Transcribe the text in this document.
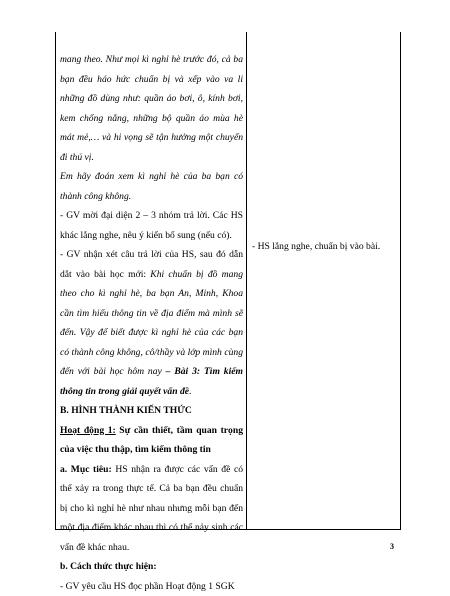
mang theo. Như mọi kì nghỉ hè trước đó, cả ba bạn đều háo hức chuẩn bị và xếp vào va li những đồ dùng như: quần áo bơi, ô, kính bơi, kem chống nắng, những bộ quần áo mùa hè mát mẻ,… và hi vọng sẽ tận hưởng một chuyến đi thú vị.

Em hãy đoán xem kì nghỉ hè của ba bạn có thành công không.

- GV mời đại diện 2 – 3 nhóm trả lời. Các HS khác lắng nghe, nêu ý kiến bổ sung (nếu có).

- GV nhận xét câu trả lời của HS, sau đó dẫn dắt vào bài học mới: Khi chuẩn bị đồ mang theo cho kì nghỉ hè, ba bạn An, Minh, Khoa cần tìm hiểu thông tin về địa điểm mà mình sẽ đến. Vậy để biết được kì nghỉ hè của các bạn có thành công không, cô/thầy và lớp mình cùng đến với bài học hôm nay – Bài 3: Tìm kiếm thông tin trong giải quyết vấn đề.

B. HÌNH THÀNH KIẾN THỨC

Hoạt động 1: Sự cần thiết, tầm quan trọng của việc thu thập, tìm kiếm thông tin

a. Mục tiêu: HS nhận ra được các vấn đề có thể xảy ra trong thực tế. Cả ba bạn đều chuẩn bị cho kì nghỉ hè như nhau nhưng mỗi bạn đến một địa điểm khác nhau thì có thể nảy sinh các vấn đề khác nhau.

b. Cách thức thực hiện:

- GV yêu cầu HS đọc phần Hoạt động 1 SGK

- HS lắng nghe, chuẩn bị vào bài.

3
